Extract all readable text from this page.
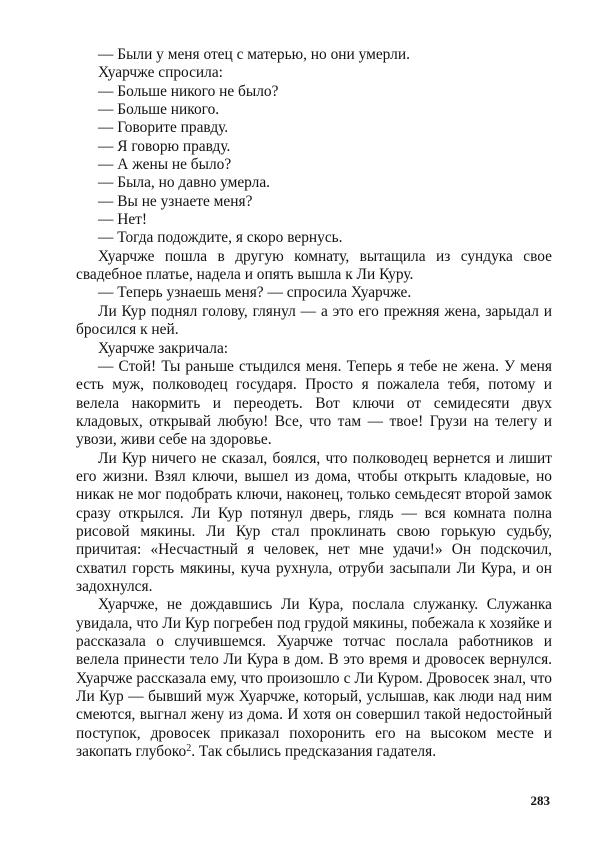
— Были у меня отец с матерью, но они умерли.

Хуарчже спросила:

— Больше никого не было?

— Больше никого.

— Говорите правду.

— Я говорю правду.

— А жены не было?

— Была, но давно умерла.

— Вы не узнаете меня?

— Нет!

— Тогда подождите, я скоро вернусь.

Хуарчже пошла в другую комнату, вытащила из сундука свое свадебное платье, надела и опять вышла к Ли Куру.

— Теперь узнаешь меня? — спросила Хуарчже.

Ли Кур поднял голову, глянул — а это его прежняя жена, зарыдал и бросился к ней.

Хуарчже закричала:

— Стой! Ты раньше стыдился меня. Теперь я тебе не жена. У меня есть муж, полководец государя. Просто я пожалела тебя, потому и велела накормить и переодеть. Вот ключи от семидесяти двух кладовых, открывай любую! Все, что там — твое! Грузи на телегу и увози, живи себе на здоровье.

Ли Кур ничего не сказал, боялся, что полководец вернется и лишит его жизни. Взял ключи, вышел из дома, чтобы открыть кладовые, но никак не мог подобрать ключи, наконец, только семьдесят второй замок сразу открылся. Ли Кур потянул дверь, глядь — вся комната полна рисовой мякины. Ли Кур стал проклинать свою горькую судьбу, причитая: «Несчастный я человек, нет мне удачи!» Он подскочил, схватил горсть мякины, куча рухнула, отруби засыпали Ли Кура, и он задохнулся.

Хуарчже, не дождавшись Ли Кура, послала служанку. Служанка увидала, что Ли Кур погребен под грудой мякины, побежала к хозяйке и рассказала о случившемся. Хуарчже тотчас послала работников и велела принести тело Ли Кура в дом. В это время и дровосек вернулся. Хуарчже рассказала ему, что произошло с Ли Куром. Дровосек знал, что Ли Кур — бывший муж Хуарчже, который, услышав, как люди над ним смеются, выгнал жену из дома. И хотя он совершил такой недостойный поступок, дровосек приказал похоронить его на высоком месте и закопать глубоко$^2$. Так сбылись предсказания гадателя.

283
